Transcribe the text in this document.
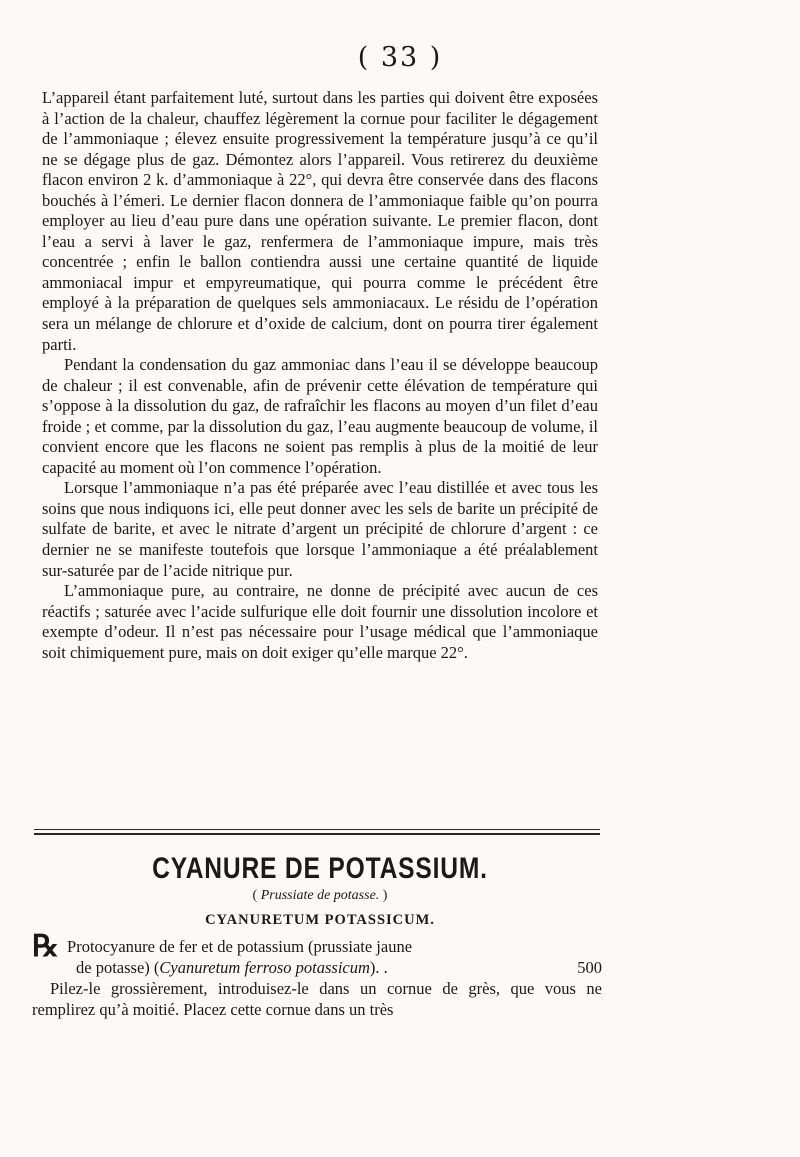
( 33 )

L’appareil étant parfaitement luté, surtout dans les parties qui doivent être exposées à l’action de la chaleur, chauffez légèrement la cornue pour faciliter le dégagement de l’ammoniaque ; élevez ensuite progressivement la température jusqu’à ce qu’il ne se dégage plus de gaz. Démontez alors l’appareil. Vous retirerez du deuxième flacon environ 2 k. d’ammoniaque à 22°, qui devra être conservée dans des flacons bouchés à l’émeri. Le dernier flacon donnera de l’ammoniaque faible qu’on pourra employer au lieu d’eau pure dans une opération suivante. Le premier flacon, dont l’eau a servi à laver le gaz, renfermera de l’ammoniaque impure, mais très concentrée ; enfin le ballon contiendra aussi une certaine quantité de liquide ammoniacal impur et empyreumatique, qui pourra comme le précédent être employé à la préparation de quelques sels ammoniacaux. Le résidu de l’opération sera un mélange de chlorure et d’oxide de calcium, dont on pourra tirer également parti.

Pendant la condensation du gaz ammoniac dans l’eau il se développe beaucoup de chaleur ; il est convenable, afin de prévenir cette élévation de température qui s’oppose à la dissolution du gaz, de rafraîchir les flacons au moyen d’un filet d’eau froide ; et comme, par la dissolution du gaz, l’eau augmente beaucoup de volume, il convient encore que les flacons ne soient pas remplis à plus de la moitié de leur capacité au moment où l’on commence l’opération.

Lorsque l’ammoniaque n’a pas été préparée avec l’eau distillée et avec tous les soins que nous indiquons ici, elle peut donner avec les sels de barite un précipité de sulfate de barite, et avec le nitrate d’argent un précipité de chlorure d’argent : ce dernier ne se manifeste toutefois que lorsque l’ammoniaque a été préalablement sur-saturée par de l’acide nitrique pur.

L’ammoniaque pure, au contraire, ne donne de précipité avec aucun de ces réactifs ; saturée avec l’acide sulfurique elle doit fournir une dissolution incolore et exempte d’odeur. Il n’est pas nécessaire pour l’usage médical que l’ammoniaque soit chimiquement pure, mais on doit exiger qu’elle marque 22°.

CYANURE DE POTASSIUM.
( Prussiate de potasse. )
CYANURETUM POTASSICUM.
℞ Protocyanure de fer et de potassium (prussiate jaune
de potasse) (Cyanuretum ferroso potassicum). .	500

Pilez-le grossièrement, introduisez-le dans un cornue de grès, que vous ne remplirez qu’à moitié. Placez cette cornue dans un très
